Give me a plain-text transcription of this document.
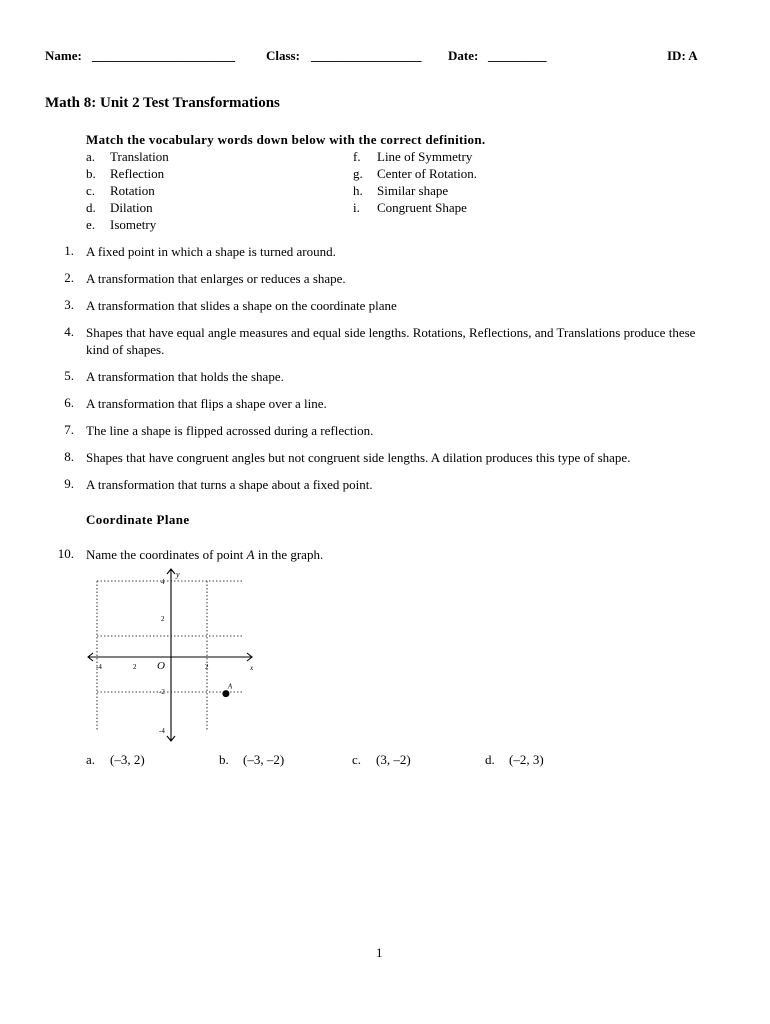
Name: ______________________ Class: _________________ Date: _________	ID: A
Math 8: Unit 2 Test Transformations
Match the vocabulary words down below with the correct definition.
a. Translation
b. Reflection
c. Rotation
d. Dilation
e. Isometry
f. Line of Symmetry
g. Center of Rotation.
h. Similar shape
i. Congruent Shape
1. A fixed point in which a shape is turned around.
2. A transformation that enlarges or reduces a shape.
3. A transformation that slides a shape on the coordinate plane
4. Shapes that have equal angle measures and equal side lengths. Rotations, Reflections, and Translations produce these kind of shapes.
5. A transformation that holds the shape.
6. A transformation that flips a shape over a line.
7. The line a shape is flipped acrossed during a reflection.
8. Shapes that have congruent angles but not congruent side lengths. A dilation produces this type of shape.
9. A transformation that turns a shape about a fixed point.
Coordinate Plane
10. Name the coordinates of point A in the graph.
-4	2	2
4
2
-2
-4
O	x
y
A
a. (–3, 2)	b. (–3, –2)	c. (3, –2)	d. (–2, 3)
1
